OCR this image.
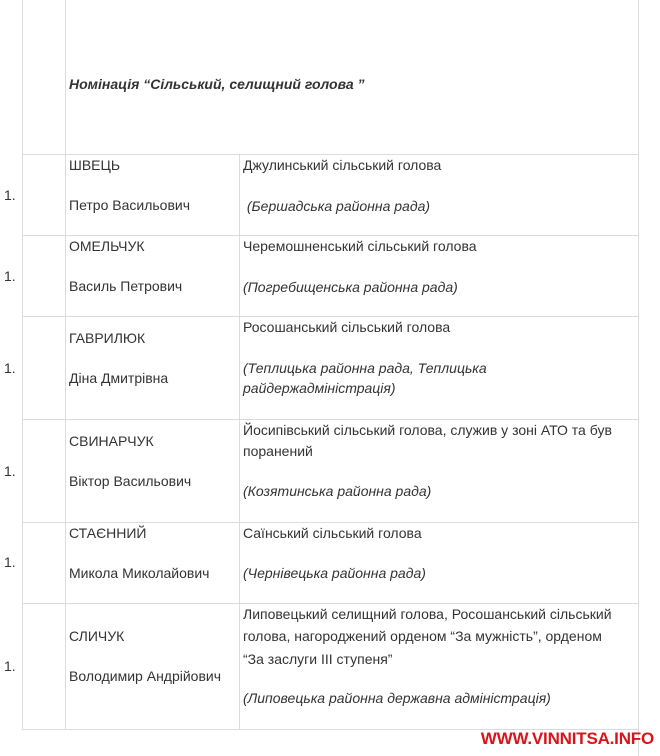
Номінація “Сільський, селищний голова ”
1.
ШВЕЦЬ
Петро Васильович
Джулинський сільський голова
(Бершадська районна рада)
1.
ОМЕЛЬЧУК
Василь Петрович
Черемошненський сільський голова
(Погребищенська районна рада)
1.
ГАВРИЛЮК
Діна Дмитрівна
Росошанський сільський голова
(Теплицька районна рада, Теплицька
райдержадміністрація)
1.
СВИНАРЧУК
Віктор Васильович
Йосипівський сільський голова, служив у зоні АТО та був
поранений
(Козятинська районна рада)
1.
СТАЄННИЙ
Микола Миколайович
Саїнський сільський голова
(Чернівецька районна рада)
1.
СЛИЧУК
Володимир Андрійович
Липовецький селищний голова, Росошанський сільський
голова, нагороджений орденом “За мужність”, орденом
“За заслуги ІІІ ступеня”
(Липовецька районна державна адміністрація)
WWW.VINNITSA.INFO
